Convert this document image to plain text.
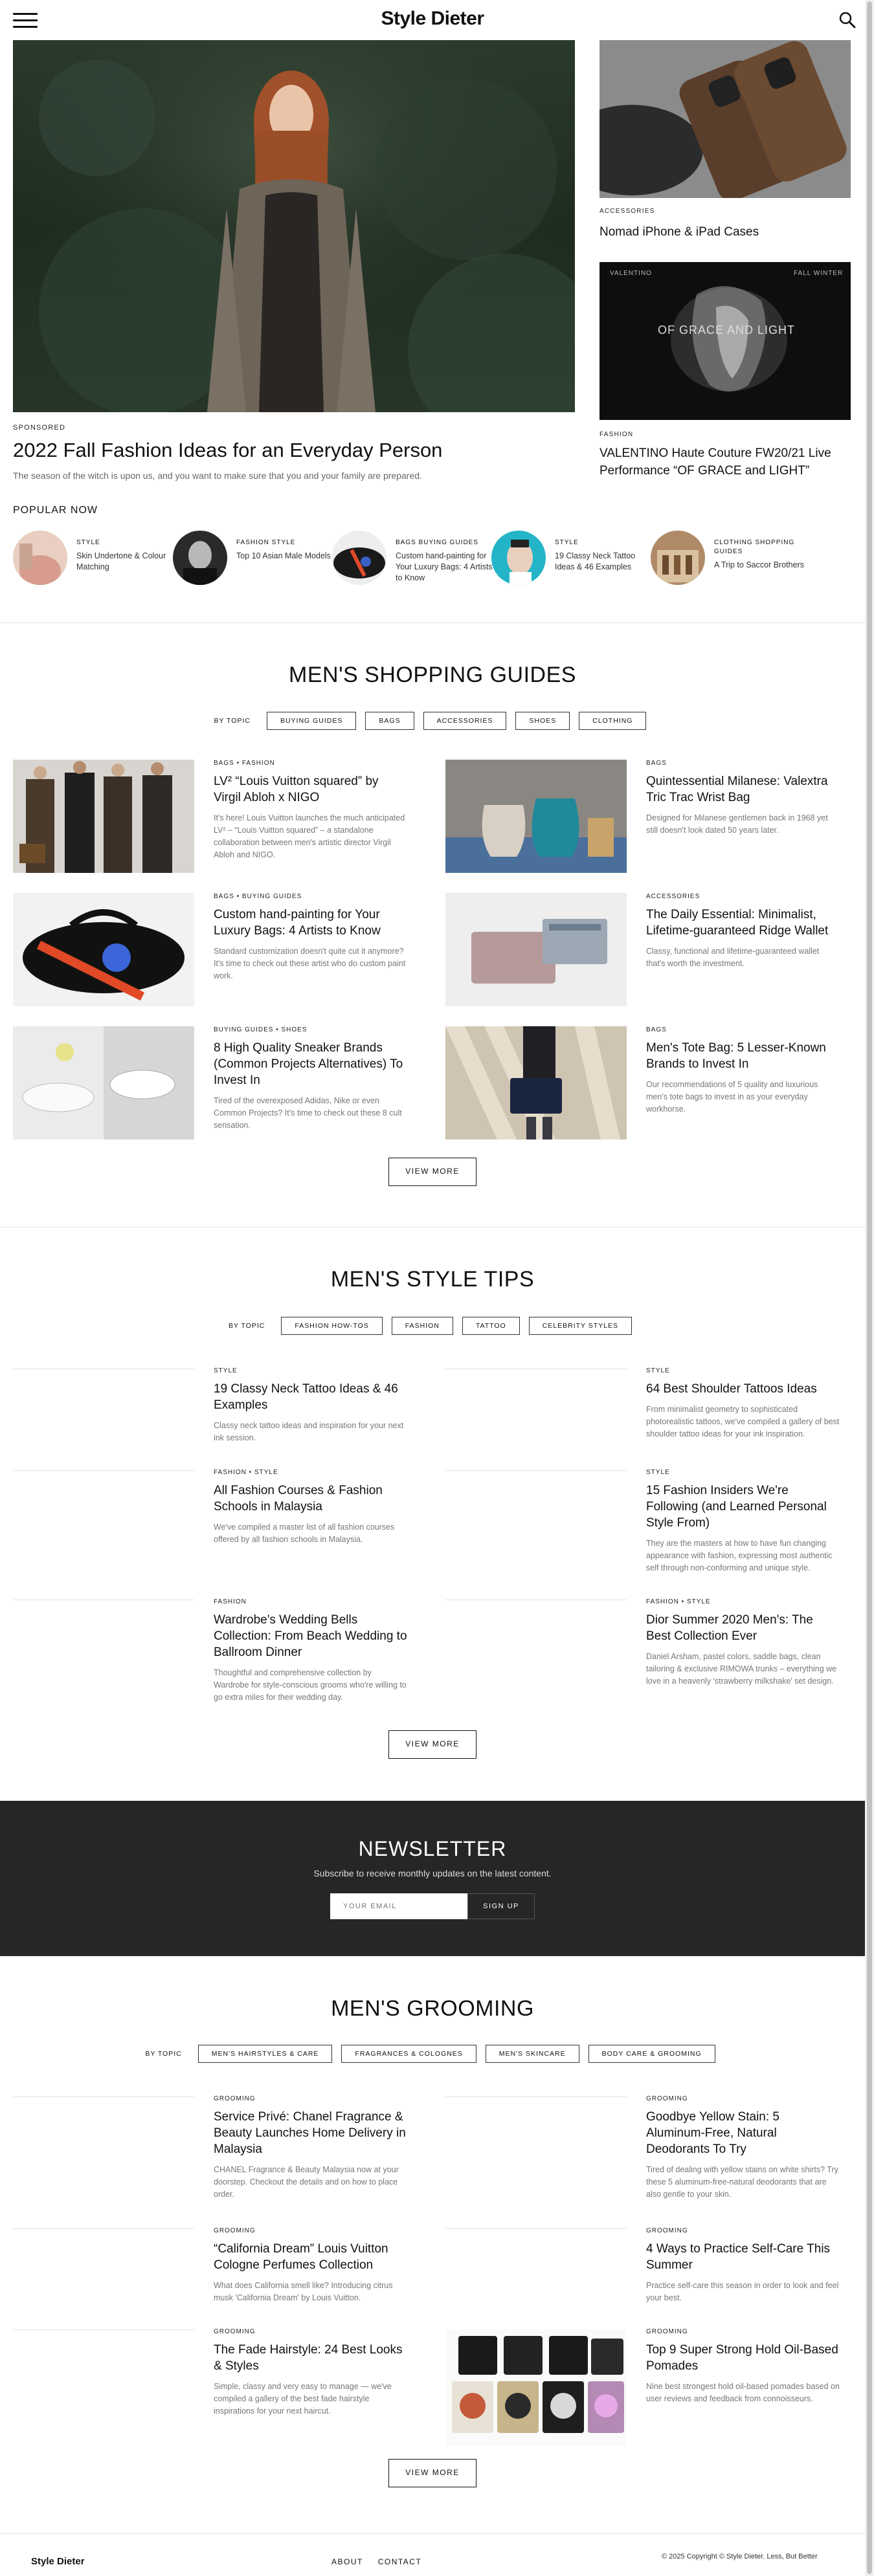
Style Dieter
SPONSORED
2022 Fall Fashion Ideas for an Everyday Person
The season of the witch is upon us, and you want to make sure that you and your family are prepared.
ACCESSORIES
Nomad iPhone & iPad Cases
VALENTINO	FALL WINTER
OF GRACE AND LIGHT
FASHION
VALENTINO Haute Couture FW20/21 Live Performance “OF GRACE and LIGHT”
POPULAR NOW
STYLE
Skin Undertone & Colour Matching
FASHION STYLE
Top 10 Asian Male Models
BAGS BUYING GUIDES
Custom hand-painting for Your Luxury Bags: 4 Artists to Know
STYLE
19 Classy Neck Tattoo Ideas & 46 Examples
CLOTHING SHOPPING GUIDES
A Trip to Saccor Brothers
MEN'S SHOPPING GUIDES
BY TOPIC	BUYING GUIDES	BAGS	ACCESSORIES	SHOES	CLOTHING
BAGS • FASHION
LV² “Louis Vuitton squared” by Virgil Abloh x NIGO
It's here! Louis Vuitton launches the much anticipated LV² – “Louis Vuitton squared” – a standalone collaboration between men's artistic director Virgil Abloh and NIGO.
BAGS
Quintessential Milanese: Valextra Tric Trac Wrist Bag
Designed for Milanese gentlemen back in 1968 yet still doesn't look dated 50 years later.
BAGS • BUYING GUIDES
Custom hand-painting for Your Luxury Bags: 4 Artists to Know
Standard customization doesn't quite cut it anymore? It's time to check out these artist who do custom paint work.
ACCESSORIES
The Daily Essential: Minimalist, Lifetime-guaranteed Ridge Wallet
Classy, functional and lifetime-guaranteed wallet that's worth the investment.
BUYING GUIDES • SHOES
8 High Quality Sneaker Brands (Common Projects Alternatives) To Invest In
Tired of the overexposed Adidas, Nike or even Common Projects? It's time to check out these 8 cult sensation.
BAGS
Men's Tote Bag: 5 Lesser-Known Brands to Invest In
Our recommendations of 5 quality and luxurious men's tote bags to invest in as your everyday workhorse.
VIEW MORE
MEN'S STYLE TIPS
BY TOPIC	FASHION HOW-TOS	FASHION	TATTOO	CELEBRITY STYLES
STYLE
19 Classy Neck Tattoo Ideas & 46 Examples
Classy neck tattoo ideas and inspiration for your next ink session.
STYLE
64 Best Shoulder Tattoos Ideas
From minimalist geometry to sophisticated photorealistic tattoos, we've compiled a gallery of best shoulder tattoo ideas for your ink inspiration.
FASHION • STYLE
All Fashion Courses & Fashion Schools in Malaysia
We've compiled a master list of all fashion courses offered by all fashion schools in Malaysia.
STYLE
15 Fashion Insiders We're Following (and Learned Personal Style From)
They are the masters at how to have fun changing appearance with fashion, expressing most authentic self through non-conforming and unique style.
FASHION
Wardrobe's Wedding Bells Collection: From Beach Wedding to Ballroom Dinner
Thoughtful and comprehensive collection by Wardrobe for style-conscious grooms who're willing to go extra miles for their wedding day.
FASHION • STYLE
Dior Summer 2020 Men's: The Best Collection Ever
Daniel Arsham, pastel colors, saddle bags, clean tailoring & exclusive RIMOWA trunks – everything we love in a heavenly 'strawberry milkshake' set design.
VIEW MORE
NEWSLETTER
Subscribe to receive monthly updates on the latest content.
YOUR EMAIL
SIGN UP
MEN'S GROOMING
BY TOPIC	MEN'S HAIRSTYLES & CARE	FRAGRANCES & COLOGNES	MEN'S SKINCARE	BODY CARE & GROOMING
GROOMING
Service Privé: Chanel Fragrance & Beauty Launches Home Delivery in Malaysia
CHANEL Fragrance & Beauty Malaysia now at your doorstep. Checkout the details and on how to place order.
GROOMING
Goodbye Yellow Stain: 5 Aluminum-Free, Natural Deodorants To Try
Tired of dealing with yellow stains on white shirts? Try these 5 aluminum-free-natural deodorants that are also gentle to your skin.
GROOMING
“California Dream” Louis Vuitton Cologne Perfumes Collection
What does California smell like? Introducing citrus musk 'California Dream' by Louis Vuitton.
GROOMING
4 Ways to Practice Self-Care This Summer
Practice self-care this season in order to look and feel your best.
GROOMING
The Fade Hairstyle: 24 Best Looks & Styles
Simple, classy and very easy to manage — we've compiled a gallery of the best fade hairstyle inspirations for your next haircut.
GROOMING
Top 9 Super Strong Hold Oil-Based Pomades
Nine best strongest hold oil-based pomades based on user reviews and feedback from connoisseurs.
VIEW MORE
Style Dieter	ABOUT CONTACT
© 2025 Copyright © Style Dieter. Less, But Better
